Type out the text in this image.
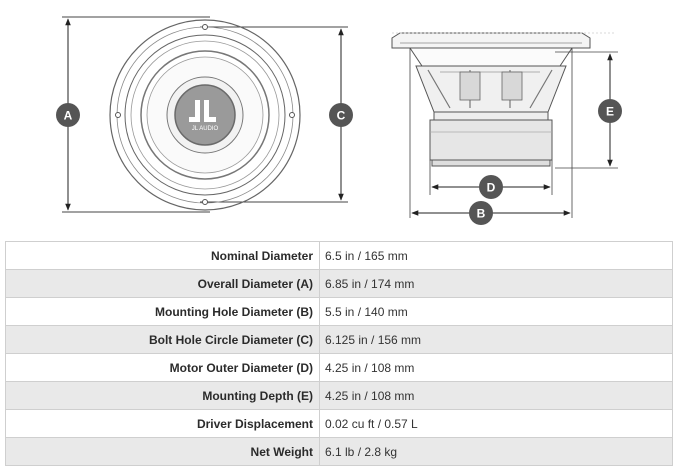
JL AUDIO
A	C
D
B
E
Nominal Diameter	6.5 in / 165 mm
Overall Diameter (A)	6.85 in / 174 mm
Mounting Hole Diameter (B)	5.5 in / 140 mm
Bolt Hole Circle Diameter (C)	6.125 in / 156 mm
Motor Outer Diameter (D)	4.25 in / 108 mm
Mounting Depth (E)	4.25 in / 108 mm
Driver Displacement	0.02 cu ft / 0.57 L
Net Weight	6.1 lb / 2.8 kg
